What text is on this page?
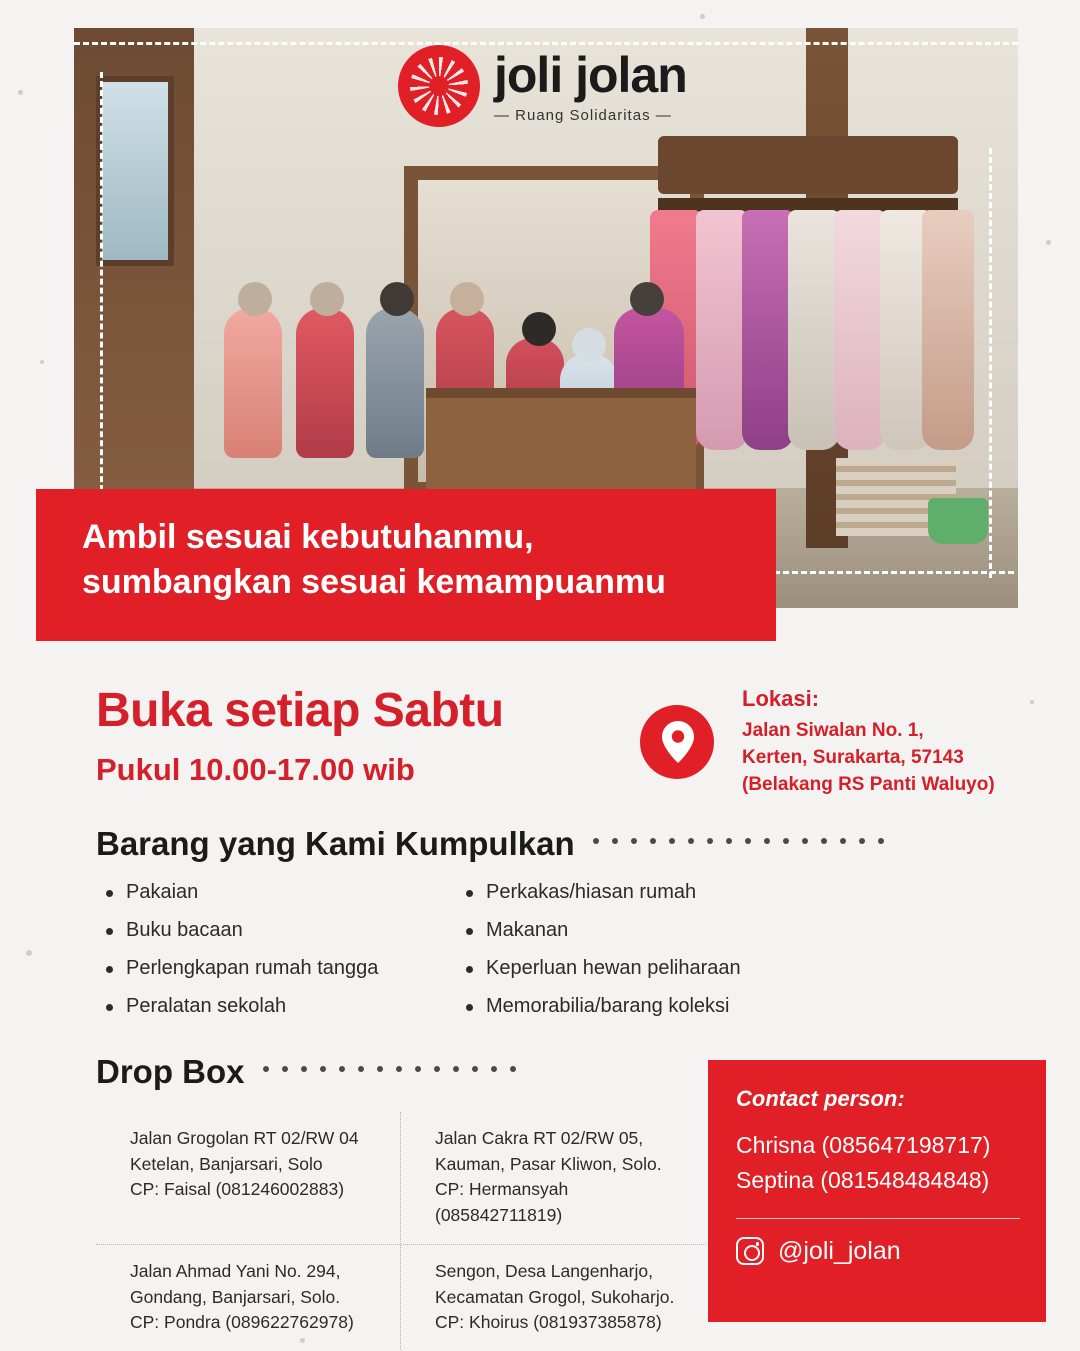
joli jolan
— Ruang Solidaritas —

Ambil sesuai kebutuhanmu,

sumbangkan sesuai kemampuanmu

Buka setiap Sabtu
Pukul 10.00-17.00 wib
Lokasi:
Jalan Siwalan No. 1,
Kerten, Surakarta, 57143
(Belakang RS Panti Waluyo)
Barang yang Kami Kumpulkan
Pakaian
Buku bacaan
Perlengkapan rumah tangga
Peralatan sekolah
Perkakas/hiasan rumah
Makanan
Keperluan hewan peliharaan
Memorabilia/barang koleksi
Drop Box

Jalan Grogolan RT 02/RW 04

Ketelan, Banjarsari, Solo

CP: Faisal (081246002883)

Jalan Cakra RT 02/RW 05,

Kauman, Pasar Kliwon, Solo.

CP: Hermansyah (085842711819)

Jalan Ahmad Yani No. 294,

Gondang, Banjarsari, Solo.

CP: Pondra (089622762978)

Sengon, Desa Langenharjo,

Kecamatan Grogol, Sukoharjo.

CP: Khoirus (081937385878)

Contact person:
Chrisna (085647198717)
Septina (081548484848)
@joli_jolan
